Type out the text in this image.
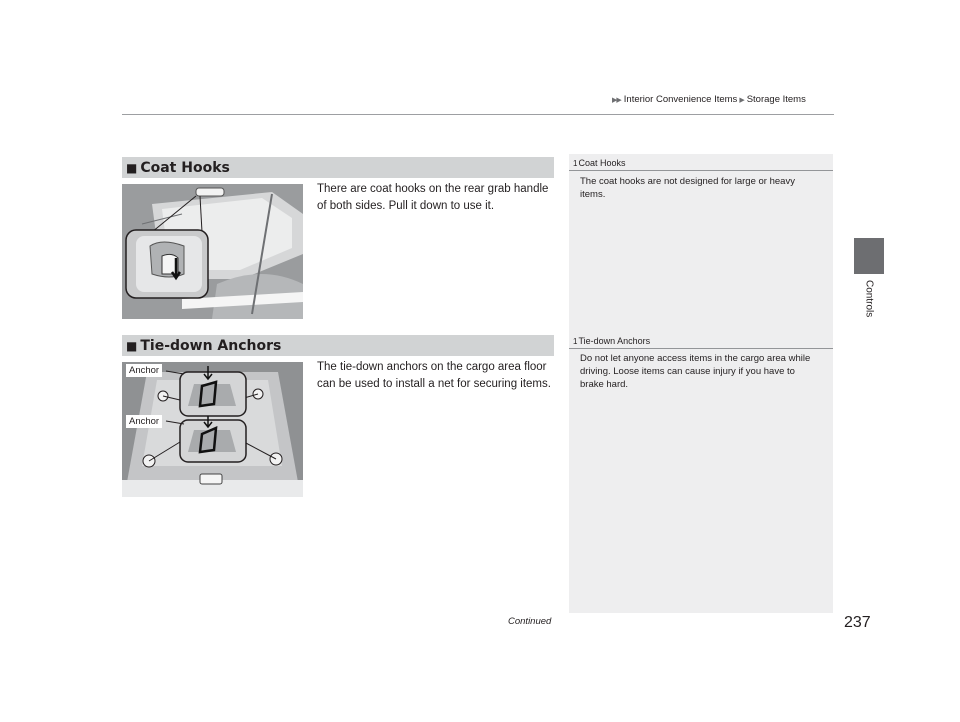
▶▶ Interior Convenience Items ▶ Storage Items
Controls
■ Coat Hooks
There are coat hooks on the rear grab handle of both sides. Pull it down to use it.
1Coat Hooks
The coat hooks are not designed for large or heavy items.
1Tie-down Anchors
Do not let anyone access items in the cargo area while driving. Loose items can cause injury if you have to brake hard.
■ Tie-down Anchors
Anchor
Anchor
The tie-down anchors on the cargo area floor can be used to install a net for securing items.
Continued	237
